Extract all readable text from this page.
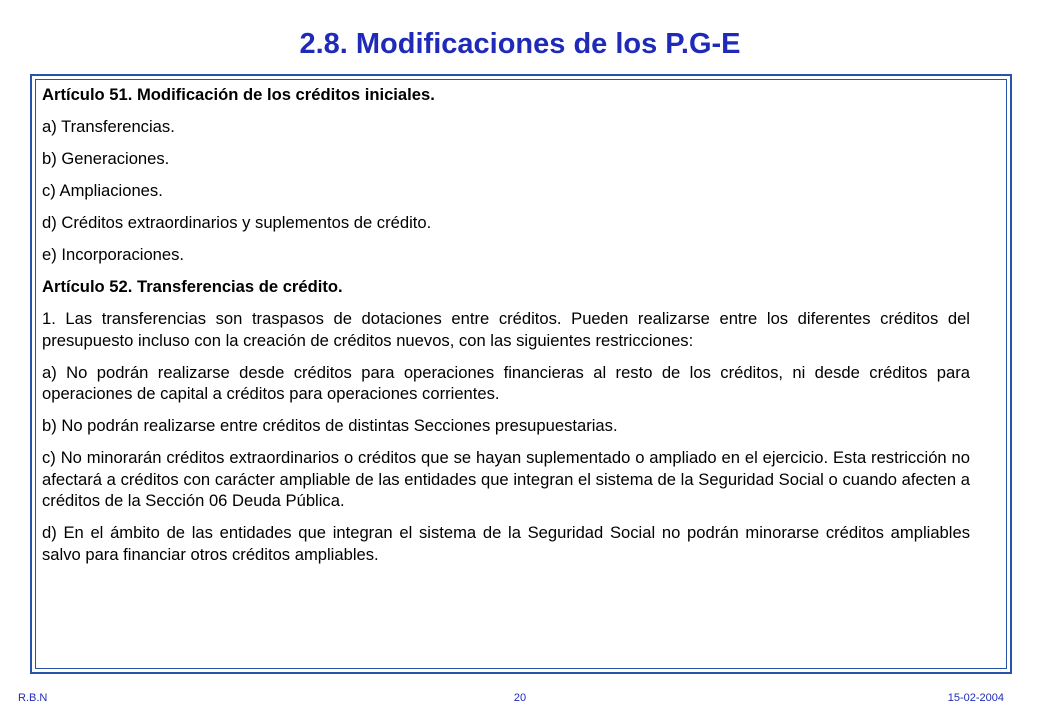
2.8. Modificaciones de los P.G-E

Artículo 51. Modificación de los créditos iniciales.

a) Transferencias.

b) Generaciones.

c) Ampliaciones.

d) Créditos extraordinarios y suplementos de crédito.

e) Incorporaciones.

Artículo 52. Transferencias de crédito.

1. Las transferencias son traspasos de dotaciones entre créditos. Pueden realizarse entre los diferentes créditos del presupuesto incluso con la creación de créditos nuevos, con las siguientes restricciones:

a) No podrán realizarse desde créditos para operaciones financieras al resto de los créditos, ni desde créditos para operaciones de capital a créditos para operaciones corrientes.

b) No podrán realizarse entre créditos de distintas Secciones presupuestarias.

c) No minorarán créditos extraordinarios o créditos que se hayan suplementado o ampliado en el ejercicio. Esta restricción no afectará a créditos con carácter ampliable de las entidades que integran el sistema de la Seguridad Social o cuando afecten a créditos de la Sección 06 Deuda Pública.

d) En el ámbito de las entidades que integran el sistema de la Seguridad Social no podrán minorarse créditos ampliables salvo para financiar otros créditos ampliables.

R.B.N	20	15-02-2004
